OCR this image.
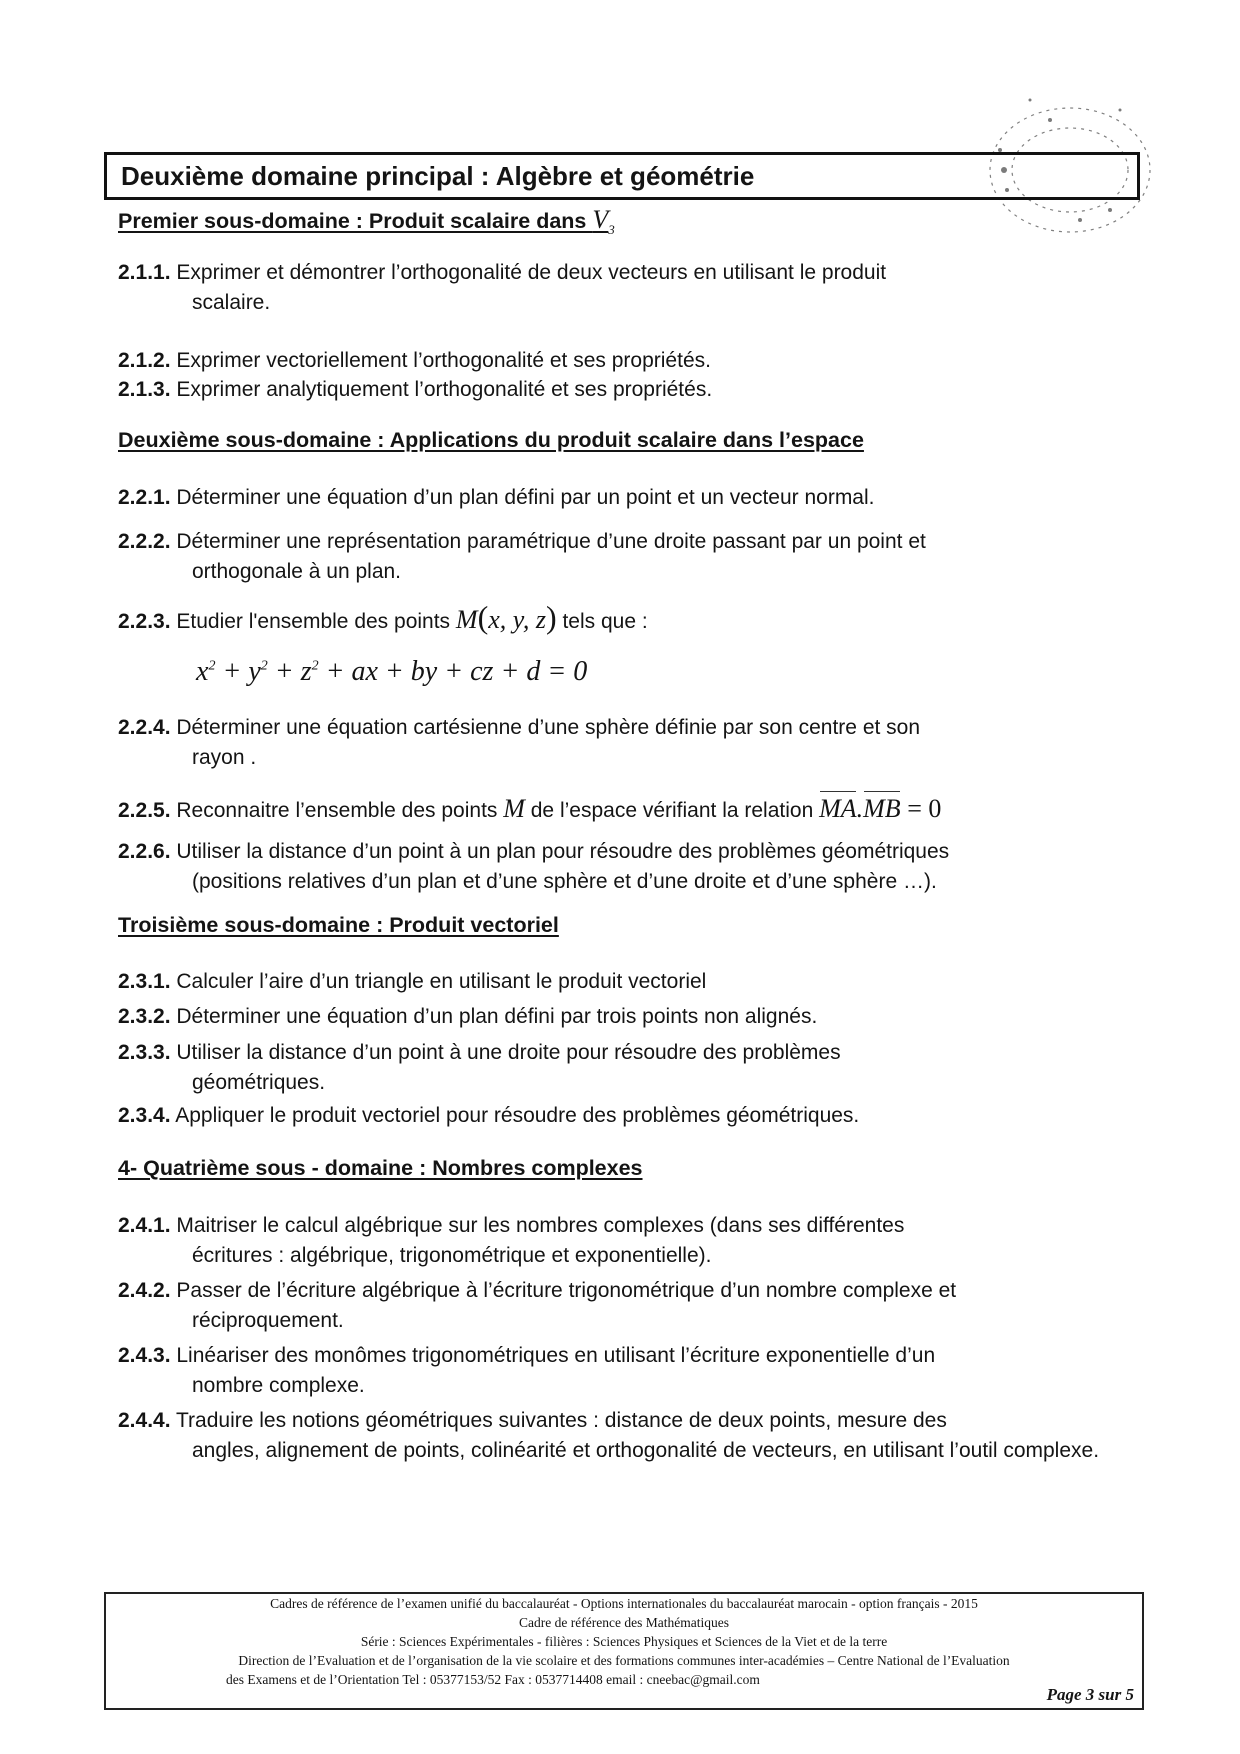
Deuxième domaine principal : Algèbre et géométrie
Premier sous-domaine : Produit scalaire dans $V_3$
2.1.1. Exprimer et démontrer l’orthogonalité de deux vecteurs en utilisant le produit
scalaire.
2.1.2. Exprimer vectoriellement l’orthogonalité et ses propriétés.
2.1.3. Exprimer analytiquement l’orthogonalité et ses propriétés.
Deuxième sous-domaine : Applications du produit scalaire dans l’espace
2.2.1. Déterminer une équation d’un plan défini par un point et un vecteur normal.
2.2.2. Déterminer une représentation paramétrique d’une droite passant par un point et
orthogonale à un plan.
2.2.3. Etudier l'ensemble des points M(x, y, z) tels que :
$x^2 + y^2 + z^2$ + ax + by + cz + d = 0
2.2.4. Déterminer une équation cartésienne d’une sphère définie par son centre et son
rayon .
2.2.5. Reconnaitre l’ensemble des points M de l’espace vérifiant la relation MA.MB = 0
2.2.6. Utiliser la distance d’un point à un plan pour résoudre des problèmes géométriques
(positions relatives d’un plan et d’une sphère et d’une droite et d’une sphère …).
Troisième sous-domaine : Produit vectoriel
2.3.1. Calculer l’aire d’un triangle en utilisant le produit vectoriel
2.3.2. Déterminer une équation d’un plan défini par trois points non alignés.
2.3.3. Utiliser la distance d’un point à une droite pour résoudre des problèmes
géométriques.
2.3.4. Appliquer le produit vectoriel pour résoudre des problèmes géométriques.
4- Quatrième sous - domaine : Nombres complexes
2.4.1. Maitriser le calcul algébrique sur les nombres complexes (dans ses différentes
écritures : algébrique, trigonométrique et exponentielle).
2.4.2. Passer de l’écriture algébrique à l’écriture trigonométrique d’un nombre complexe et
réciproquement.
2.4.3. Linéariser des monômes trigonométriques en utilisant l’écriture exponentielle d’un
nombre complexe.
2.4.4. Traduire les notions géométriques suivantes : distance de deux points, mesure des
angles, alignement de points, colinéarité et orthogonalité de vecteurs, en utilisant l’outil complexe.
Cadres de référence de l’examen unifié du baccalauréat - Options internationales du baccalauréat marocain - option français - 2015
Cadre de référence des Mathématiques
Série : Sciences Expérimentales - filières : Sciences Physiques et Sciences de la Viet et de la terre
Direction de l’Evaluation et de l’organisation de la vie scolaire et des formations communes inter-académies – Centre National de l’Evaluation
des Examens et de l’Orientation Tel : 05377153/52 Fax : 0537714408 email : cneebac@gmail.com
Page 3 sur 5
